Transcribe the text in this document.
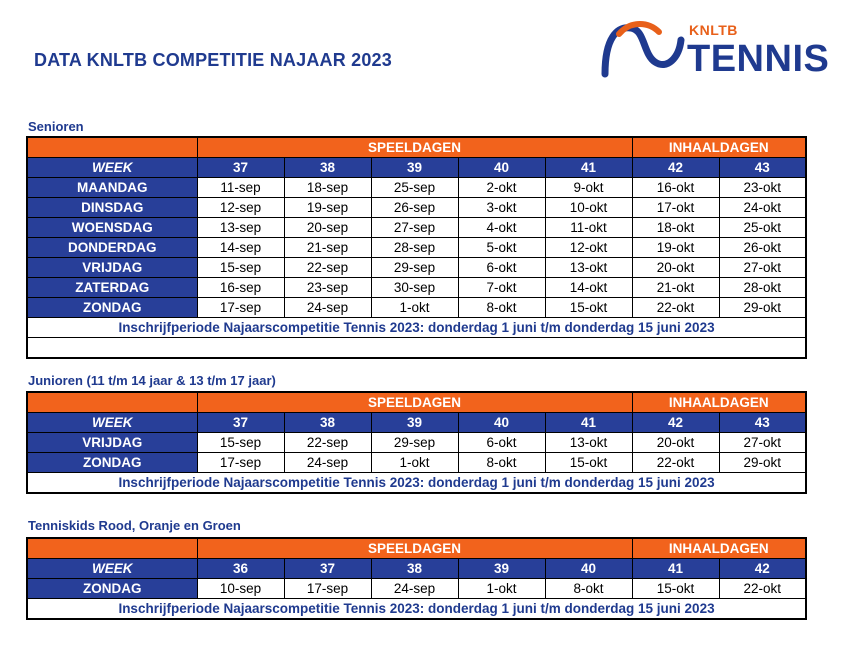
DATA KNLTB COMPETITIE NAJAAR 2023
KNLTB
TENNIS
Senioren
	SPEELDAGEN					INHAALDAGEN	
WEEK	37	38	39	40	41	42	43
MAANDAG	11-sep	18-sep	25-sep	2-okt	9-okt	16-okt	23-okt
DINSDAG	12-sep	19-sep	26-sep	3-okt	10-okt	17-okt	24-okt
WOENSDAG	13-sep	20-sep	27-sep	4-okt	11-okt	18-okt	25-okt
DONDERDAG	14-sep	21-sep	28-sep	5-okt	12-okt	19-okt	26-okt
VRIJDAG	15-sep	22-sep	29-sep	6-okt	13-okt	20-okt	27-okt
ZATERDAG	16-sep	23-sep	30-sep	7-okt	14-okt	21-okt	28-okt
ZONDAG	17-sep	24-sep	1-okt	8-okt	15-okt	22-okt	29-okt
Inschrijfperiode Najaarscompetitie Tennis 2023: donderdag 1 juni t/m donderdag 15 juni 2023							

Junioren (11 t/m 14 jaar & 13 t/m 17 jaar)
	SPEELDAGEN					INHAALDAGEN	
WEEK	37	38	39	40	41	42	43
VRIJDAG	15-sep	22-sep	29-sep	6-okt	13-okt	20-okt	27-okt
ZONDAG	17-sep	24-sep	1-okt	8-okt	15-okt	22-okt	29-okt
Inschrijfperiode Najaarscompetitie Tennis 2023: donderdag 1 juni t/m donderdag 15 juni 2023							
Tenniskids Rood, Oranje en Groen
	SPEELDAGEN					INHAALDAGEN	
WEEK	36	37	38	39	40	41	42
ZONDAG	10-sep	17-sep	24-sep	1-okt	8-okt	15-okt	22-okt
Inschrijfperiode Najaarscompetitie Tennis 2023: donderdag 1 juni t/m donderdag 15 juni 2023							
